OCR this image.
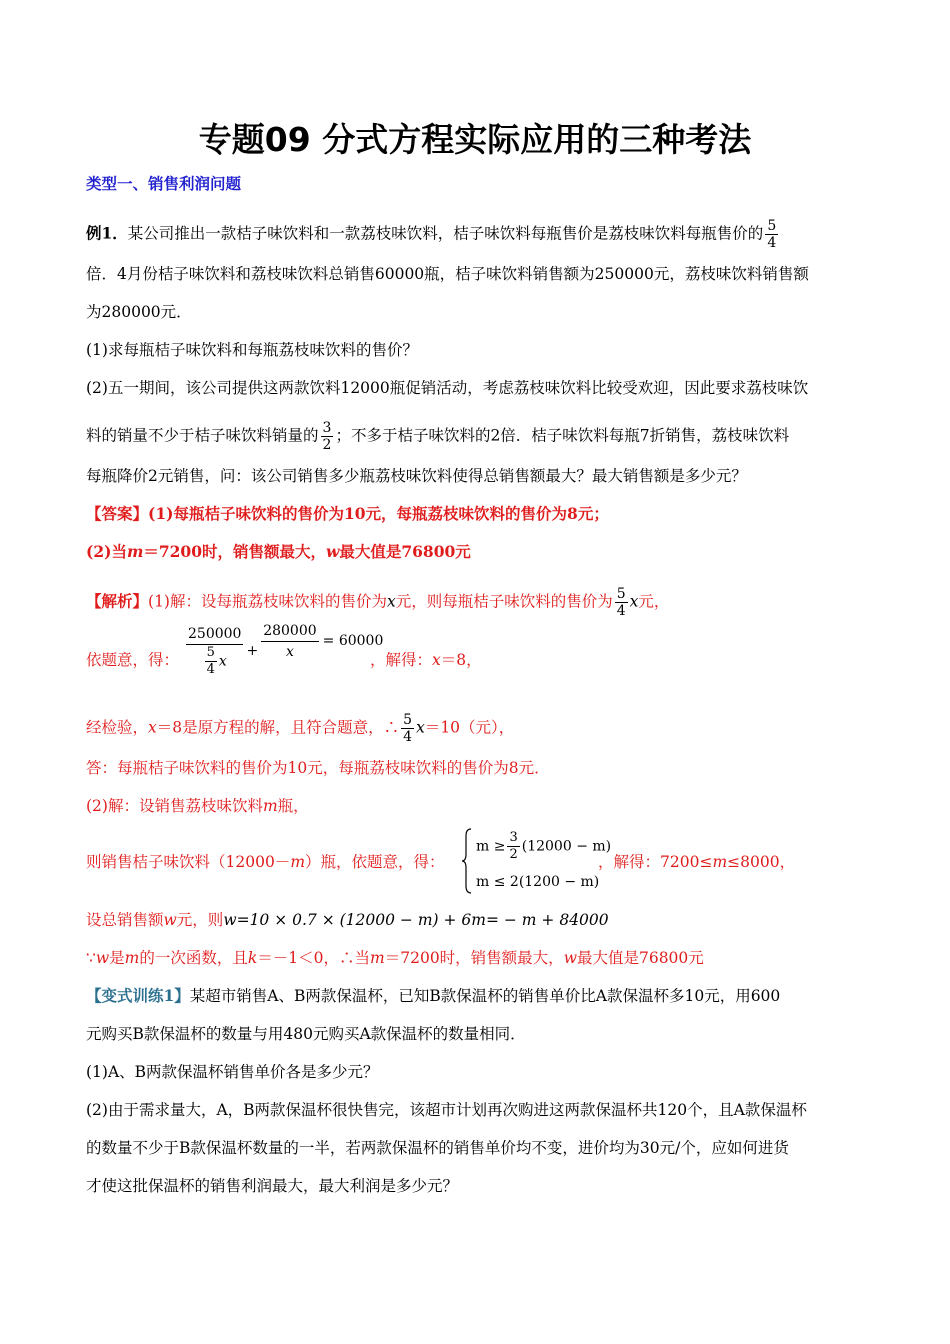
专题09 分式方程实际应用的三种考法
类型一、销售利润问题
例1．某公司推出一款桔子味饮料和一款荔枝味饮料，桔子味饮料每瓶售价是荔枝味饮料每瓶售价的 $\frac{5}{4}$
倍．4月份桔子味饮料和荔枝味饮料总销售60000瓶，桔子味饮料销售额为250000元，荔枝味饮料销售额
为280000元．
(1)求每瓶桔子味饮料和每瓶荔枝味饮料的售价？
(2)五一期间，该公司提供这两款饮料12000瓶促销活动，考虑荔枝味饮料比较受欢迎，因此要求荔枝味饮
料的销量不少于桔子味饮料销量的 $\frac{3}{2}$ ；不多于桔子味饮料的2倍．桔子味饮料每瓶7折销售，荔枝味饮料
每瓶降价2元销售，问：该公司销售多少瓶荔枝味饮料使得总销售额最大？最大销售额是多少元？
【答案】(1)每瓶桔子味饮料的售价为10元，每瓶荔枝味饮料的售价为8元；
(2)当m＝7200时，销售额最大，w最大值是76800元
【解析】(1)解：设每瓶荔枝味饮料的售价为x元，则每瓶桔子味饮料的售价为 $\frac{5}{4}$ x元，
依题意，得： $\frac{250000}{\frac{5}{4} x} + \frac{280000}{x} = 60000$
，解得：x＝8，
经检验，x＝8是原方程的解，且符合题意，∴ $\frac{5}{4} x=10$（元），
答：每瓶桔子味饮料的售价为10元，每瓶荔枝味饮料的售价为8元．
(2)解：设销售荔枝味饮料m瓶，
则销售桔子味饮料（12000－m）瓶，依题意，得：
$m \ge \frac{3}{2} (12000 - m)$
m ≤ 2(1200 − m)
，解得：7200≤m≤8000，
设总销售额w元，则w=10 × 0.7 × (12000 − m) + 6m= − m + 84000
∵w是m的一次函数，且k＝－1＜0，∴当m＝7200时，销售额最大，w最大值是76800元
【变式训练1】某超市销售A、B两款保温杯，已知B款保温杯的销售单价比A款保温杯多10元，用600
元购买B款保温杯的数量与用480元购买A款保温杯的数量相同．
(1)A、B两款保温杯销售单价各是多少元？
(2)由于需求量大，A，B两款保温杯很快售完，该超市计划再次购进这两款保温杯共120个，且A款保温杯
的数量不少于B款保温杯数量的一半，若两款保温杯的销售单价均不变，进价均为30元/个，应如何进货
才使这批保温杯的销售利润最大，最大利润是多少元？
